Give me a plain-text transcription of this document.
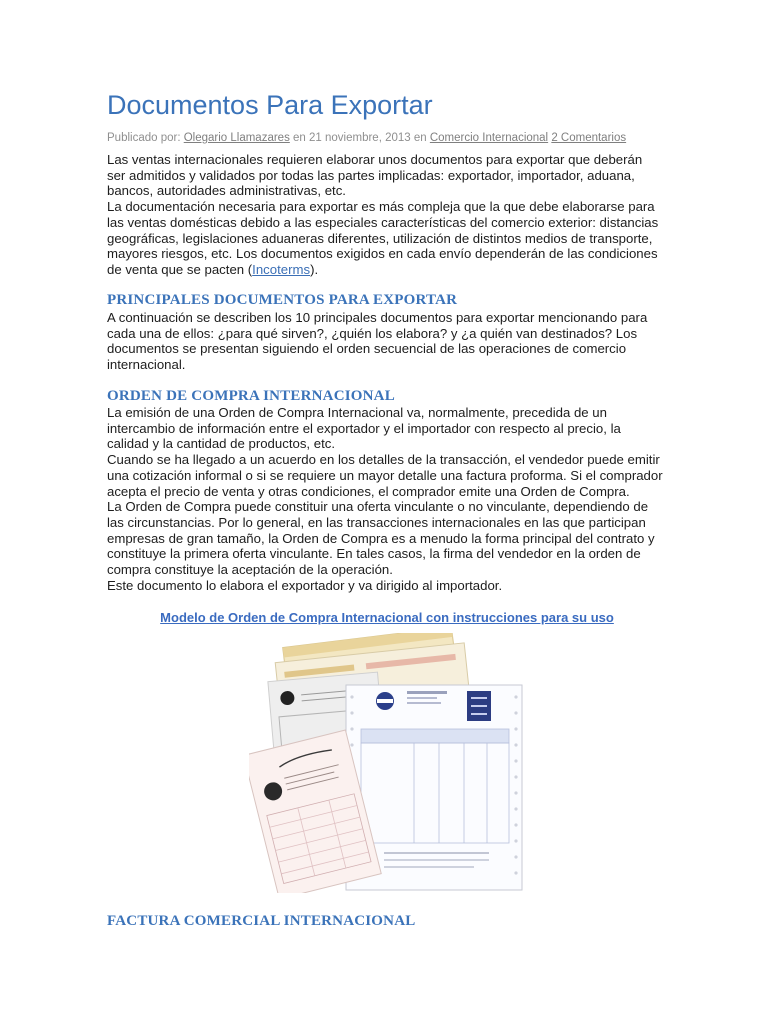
Documentos Para Exportar
Publicado por: Olegario Llamazares en 21 noviembre, 2013 en Comercio Internacional 2 Comentarios

Las ventas internacionales requieren elaborar unos documentos para exportar que deberán ser admitidos y validados por todas las partes implicadas: exportador, importador, aduana, bancos, autoridades administrativas, etc.

La documentación necesaria para exportar es más compleja que la que debe elaborarse para las ventas domésticas debido a las especiales características del comercio exterior: distancias geográficas, legislaciones aduaneras diferentes, utilización de distintos medios de transporte, mayores riesgos, etc. Los documentos exigidos en cada envío dependerán de las condiciones de venta que se pacten (Incoterms).

PRINCIPALES DOCUMENTOS PARA EXPORTAR

A continuación se describen los 10 principales documentos para exportar mencionando para cada una de ellos: ¿para qué sirven?, ¿quién los elabora? y ¿a quién van destinados? Los documentos se presentan siguiendo el orden secuencial de las operaciones de comercio internacional.

ORDEN DE COMPRA INTERNACIONAL

La emisión de una Orden de Compra Internacional va, normalmente, precedida de un intercambio de información entre el exportador y el importador con respecto al precio, la calidad y la cantidad de productos, etc.

Cuando se ha llegado a un acuerdo en los detalles de la transacción, el vendedor puede emitir una cotización informal o si se requiere un mayor detalle una factura proforma. Si el comprador acepta el precio de venta y otras condiciones, el comprador emite una Orden de Compra.

La Orden de Compra puede constituir una oferta vinculante o no vinculante, dependiendo de las circunstancias. Por lo general, en las transacciones internacionales en las que participan empresas de gran tamaño, la Orden de Compra es a menudo la forma principal del contrato y constituye la primera oferta vinculante. En tales casos, la firma del vendedor en la orden de compra constituye la aceptación de la operación.

Este documento lo elabora el exportador y va dirigido al importador.

Modelo de Orden de Compra Internacional con instrucciones para su uso
FACTURA COMERCIAL INTERNACIONAL
